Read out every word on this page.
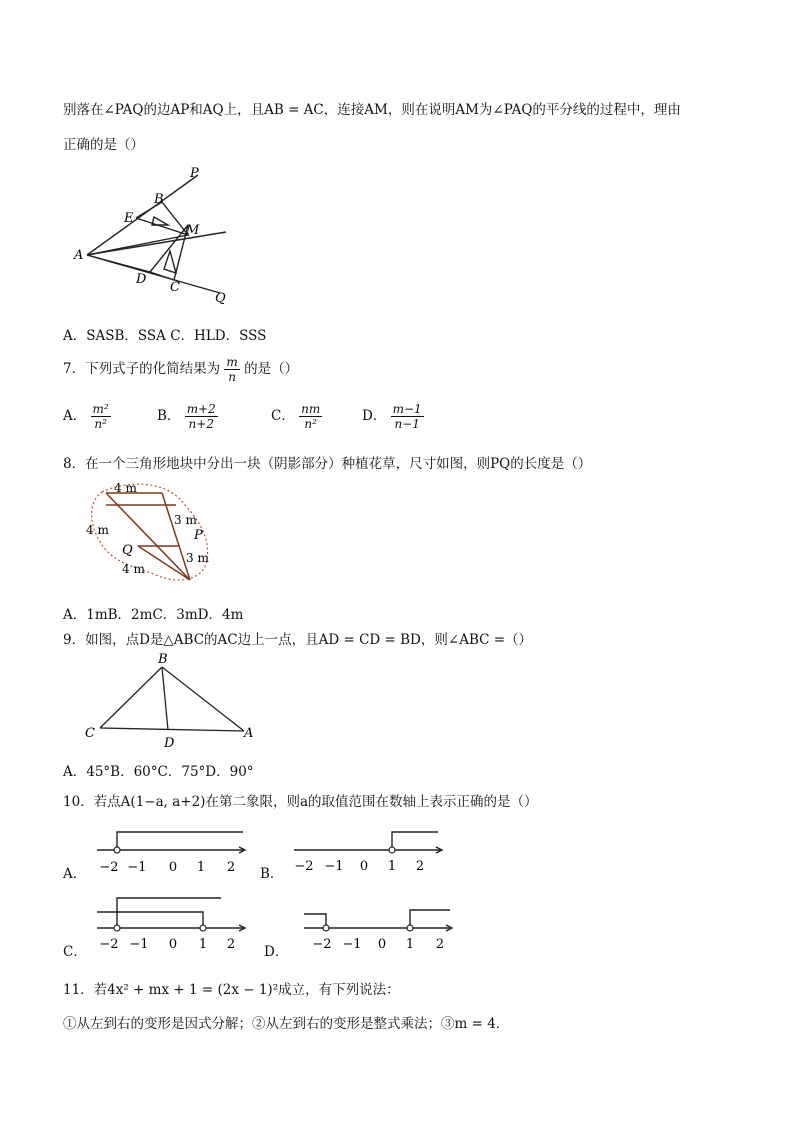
别落在∠PAQ的边AP和AQ上，且AB = AC，连接AM，则在说明AM为∠PAQ的平分线的过程中，理由
正确的是（）
P
B
E
M
A
D
C
Q
A．SASB．SSA C．HLD．SSS
7．下列式子的化简结果为 $\frac{m}{n}$ 的是（）
A． $\frac{\text{m²}}{\text{n²}}$	B． $\frac{m+2}{n+2}$	C． $\frac{nm}{\text{n²}}$	D． $\frac{m-1}{n-1}$
8．在一个三角形地块中分出一块（阴影部分）种植花草，尺寸如图，则PQ的长度是（）
4 m
4 m
3 m
P
Q
4 m
3 m
A．1mB．2mC．3mD．4m
9．如图，点D是△ABC的AC边上一点，且AD = CD = BD，则∠ABC =（）
B
C
D
A
A．45°B．60°C．75°D．90°
10．若点A(1−a, a+2)在第二象限，则a的取值范围在数轴上表示正确的是（）
A． −2 −1 0 1 2 B． −2 −1 0 1 2
C． −2 −1 0 1 2 D． −2 −1 0 1 2
11．若4x² + mx + 1 = (2x − 1)²成立，有下列说法：
①从左到右的变形是因式分解；②从左到右的变形是整式乘法；③m = 4．
